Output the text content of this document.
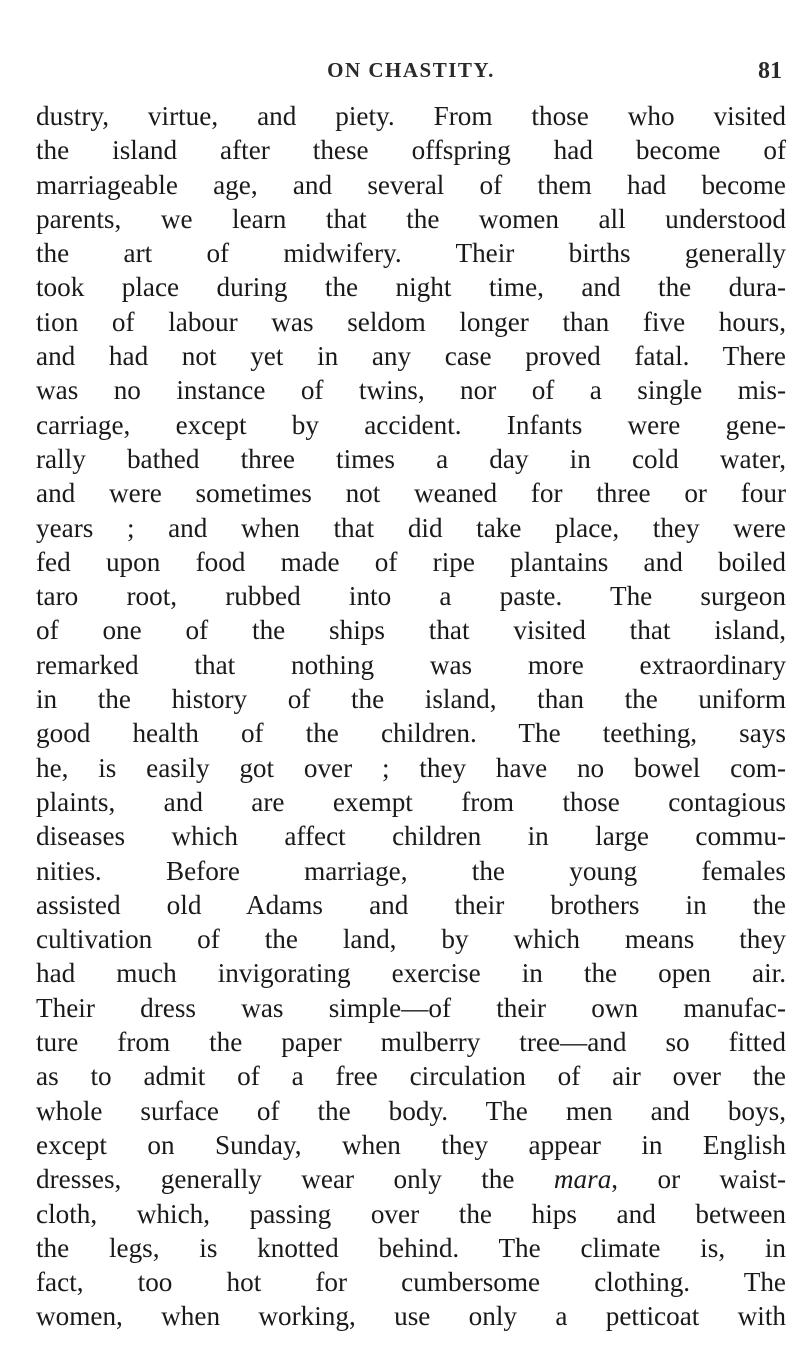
ON CHASTITY.	81
dustry, virtue, and piety. From those who visited
the island after these offspring had become of
marriageable age, and several of them had become
parents, we learn that the women all understood
the art of midwifery. Their births generally
took place during the night time, and the dura-
tion of labour was seldom longer than five hours,
and had not yet in any case proved fatal. There
was no instance of twins, nor of a single mis-
carriage, except by accident. Infants were gene-
rally bathed three times a day in cold water,
and were sometimes not weaned for three or four
years ; and when that did take place, they were
fed upon food made of ripe plantains and boiled
taro root, rubbed into a paste. The surgeon
of one of the ships that visited that island,
remarked that nothing was more extraordinary
in the history of the island, than the uniform
good health of the children. The teething, says
he, is easily got over ; they have no bowel com-
plaints, and are exempt from those contagious
diseases which affect children in large commu-
nities. Before marriage, the young females
assisted old Adams and their brothers in the
cultivation of the land, by which means they
had much invigorating exercise in the open air.
Their dress was simple—of their own manufac-
ture from the paper mulberry tree—and so fitted
as to admit of a free circulation of air over the
whole surface of the body. The men and boys,
except on Sunday, when they appear in English
dresses, generally wear only the mara, or waist-
cloth, which, passing over the hips and between
the legs, is knotted behind. The climate is, in
fact, too hot for cumbersome clothing. The
women, when working, use only a petticoat with
